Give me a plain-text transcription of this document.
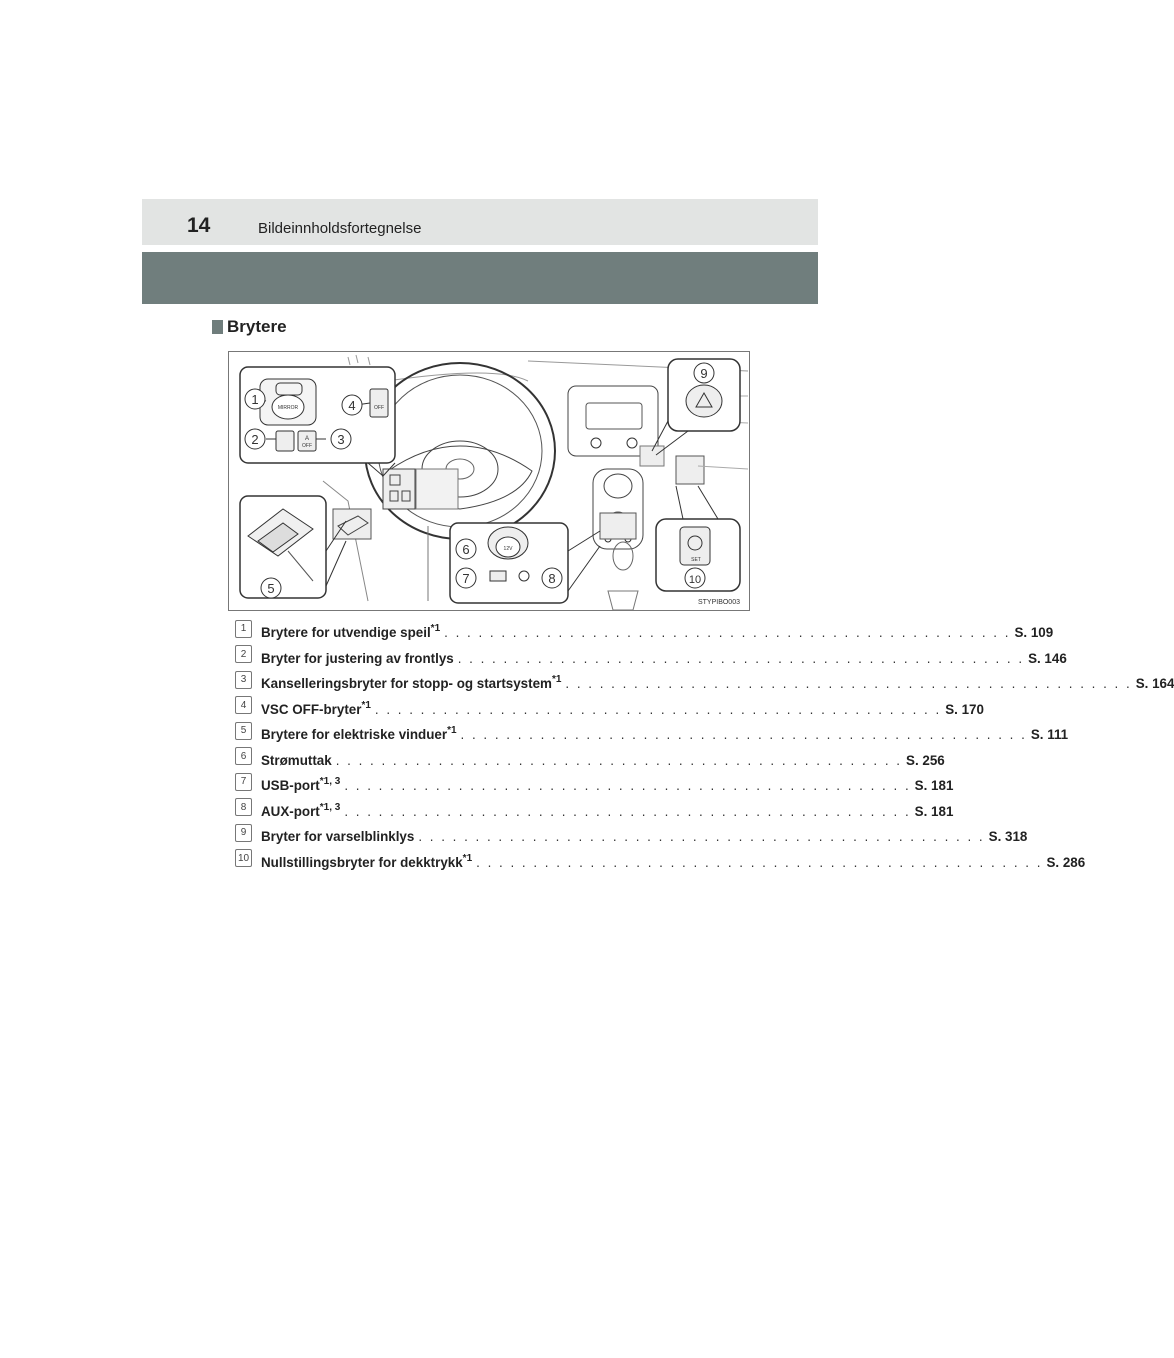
14	Bildeinnholdsfortegnelse
Brytere
MIRROR
OFF
A
OFF
1
2	3
4
5
12V
6
7	8
9
SET
10
STYPIBO003
1	Brytere for utvendige speil$^{*1}$ . . . . . . . . . . . . . . . . . . . . . . . . . . . . . . . . . . . . . . . . . . . . . . . . . . S. 109
2	Bryter for justering av frontlys . . . . . . . . . . . . . . . . . . . . . . . . . . . . . . . . . . . . . . . . . . . . . . . . . . S. 146
3	Kanselleringsbryter for stopp- og startsystem$^{*1}$ . . . . . . . . . . . . . . . . . . . . . . . . . . . . . . . . . . . . . . . . . . . . . . . . . . S. 164
4	VSC OFF-bryter$^{*1}$ . . . . . . . . . . . . . . . . . . . . . . . . . . . . . . . . . . . . . . . . . . . . . . . . . . S. 170
5	Brytere for elektriske vinduer$^{*1}$ . . . . . . . . . . . . . . . . . . . . . . . . . . . . . . . . . . . . . . . . . . . . . . . . . . S. 111
6	Strømuttak . . . . . . . . . . . . . . . . . . . . . . . . . . . . . . . . . . . . . . . . . . . . . . . . . . S. 256
7	USB-port$^{*1, 3}$ . . . . . . . . . . . . . . . . . . . . . . . . . . . . . . . . . . . . . . . . . . . . . . . . . . S. 181
8	AUX-port$^{*1, 3}$ . . . . . . . . . . . . . . . . . . . . . . . . . . . . . . . . . . . . . . . . . . . . . . . . . . S. 181
9	Bryter for varselblinklys . . . . . . . . . . . . . . . . . . . . . . . . . . . . . . . . . . . . . . . . . . . . . . . . . . S. 318
10 Nullstillingsbryter for dekktrykk$^{*1}$ . . . . . . . . . . . . . . . . . . . . . . . . . . . . . . . . . . . . . . . . . . . . . . . . . . S. 286
